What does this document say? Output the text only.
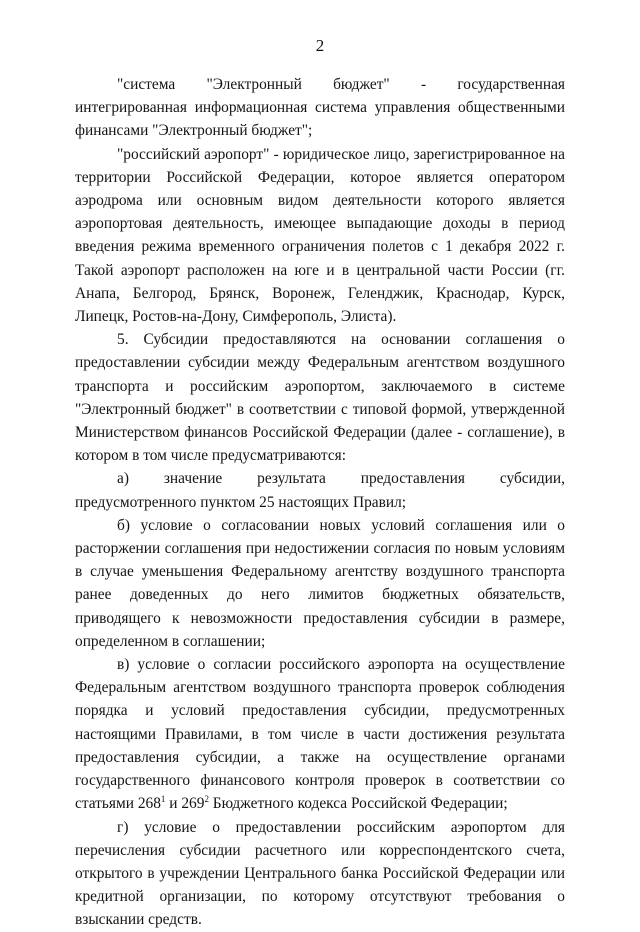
2

"система "Электронный бюджет" - государственная интегрированная информационная система управления общественными финансами "Электронный бюджет";

"российский аэропорт" - юридическое лицо, зарегистрированное на территории Российской Федерации, которое является оператором аэродрома или основным видом деятельности которого является аэропортовая деятельность, имеющее выпадающие доходы в период введения режима временного ограничения полетов с 1 декабря 2022 г. Такой аэропорт расположен на юге и в центральной части России (гг. Анапа, Белгород, Брянск, Воронеж, Геленджик, Краснодар, Курск, Липецк, Ростов-на-Дону, Симферополь, Элиста).

5. Субсидии предоставляются на основании соглашения о предоставлении субсидии между Федеральным агентством воздушного транспорта и российским аэропортом, заключаемого в системе "Электронный бюджет" в соответствии с типовой формой, утвержденной Министерством финансов Российской Федерации (далее - соглашение), в котором в том числе предусматриваются:

а) значение результата предоставления субсидии, предусмотренного пунктом 25 настоящих Правил;

б) условие о согласовании новых условий соглашения или о расторжении соглашения при недостижении согласия по новым условиям в случае уменьшения Федеральному агентству воздушного транспорта ранее доведенных до него лимитов бюджетных обязательств, приводящего к невозможности предоставления субсидии в размере, определенном в соглашении;

в) условие о согласии российского аэропорта на осуществление Федеральным агентством воздушного транспорта проверок соблюдения порядка и условий предоставления субсидии, предусмотренных настоящими Правилами, в том числе в части достижения результата предоставления субсидии, а также на осуществление органами государственного финансового контроля проверок в соответствии со статьями $268^1$ и $269^2$ Бюджетного кодекса Российской Федерации;

г) условие о предоставлении российским аэропортом для перечисления субсидии расчетного или корреспондентского счета, открытого в учреждении Центрального банка Российской Федерации или кредитной организации, по которому отсутствуют требования о взыскании средств.
